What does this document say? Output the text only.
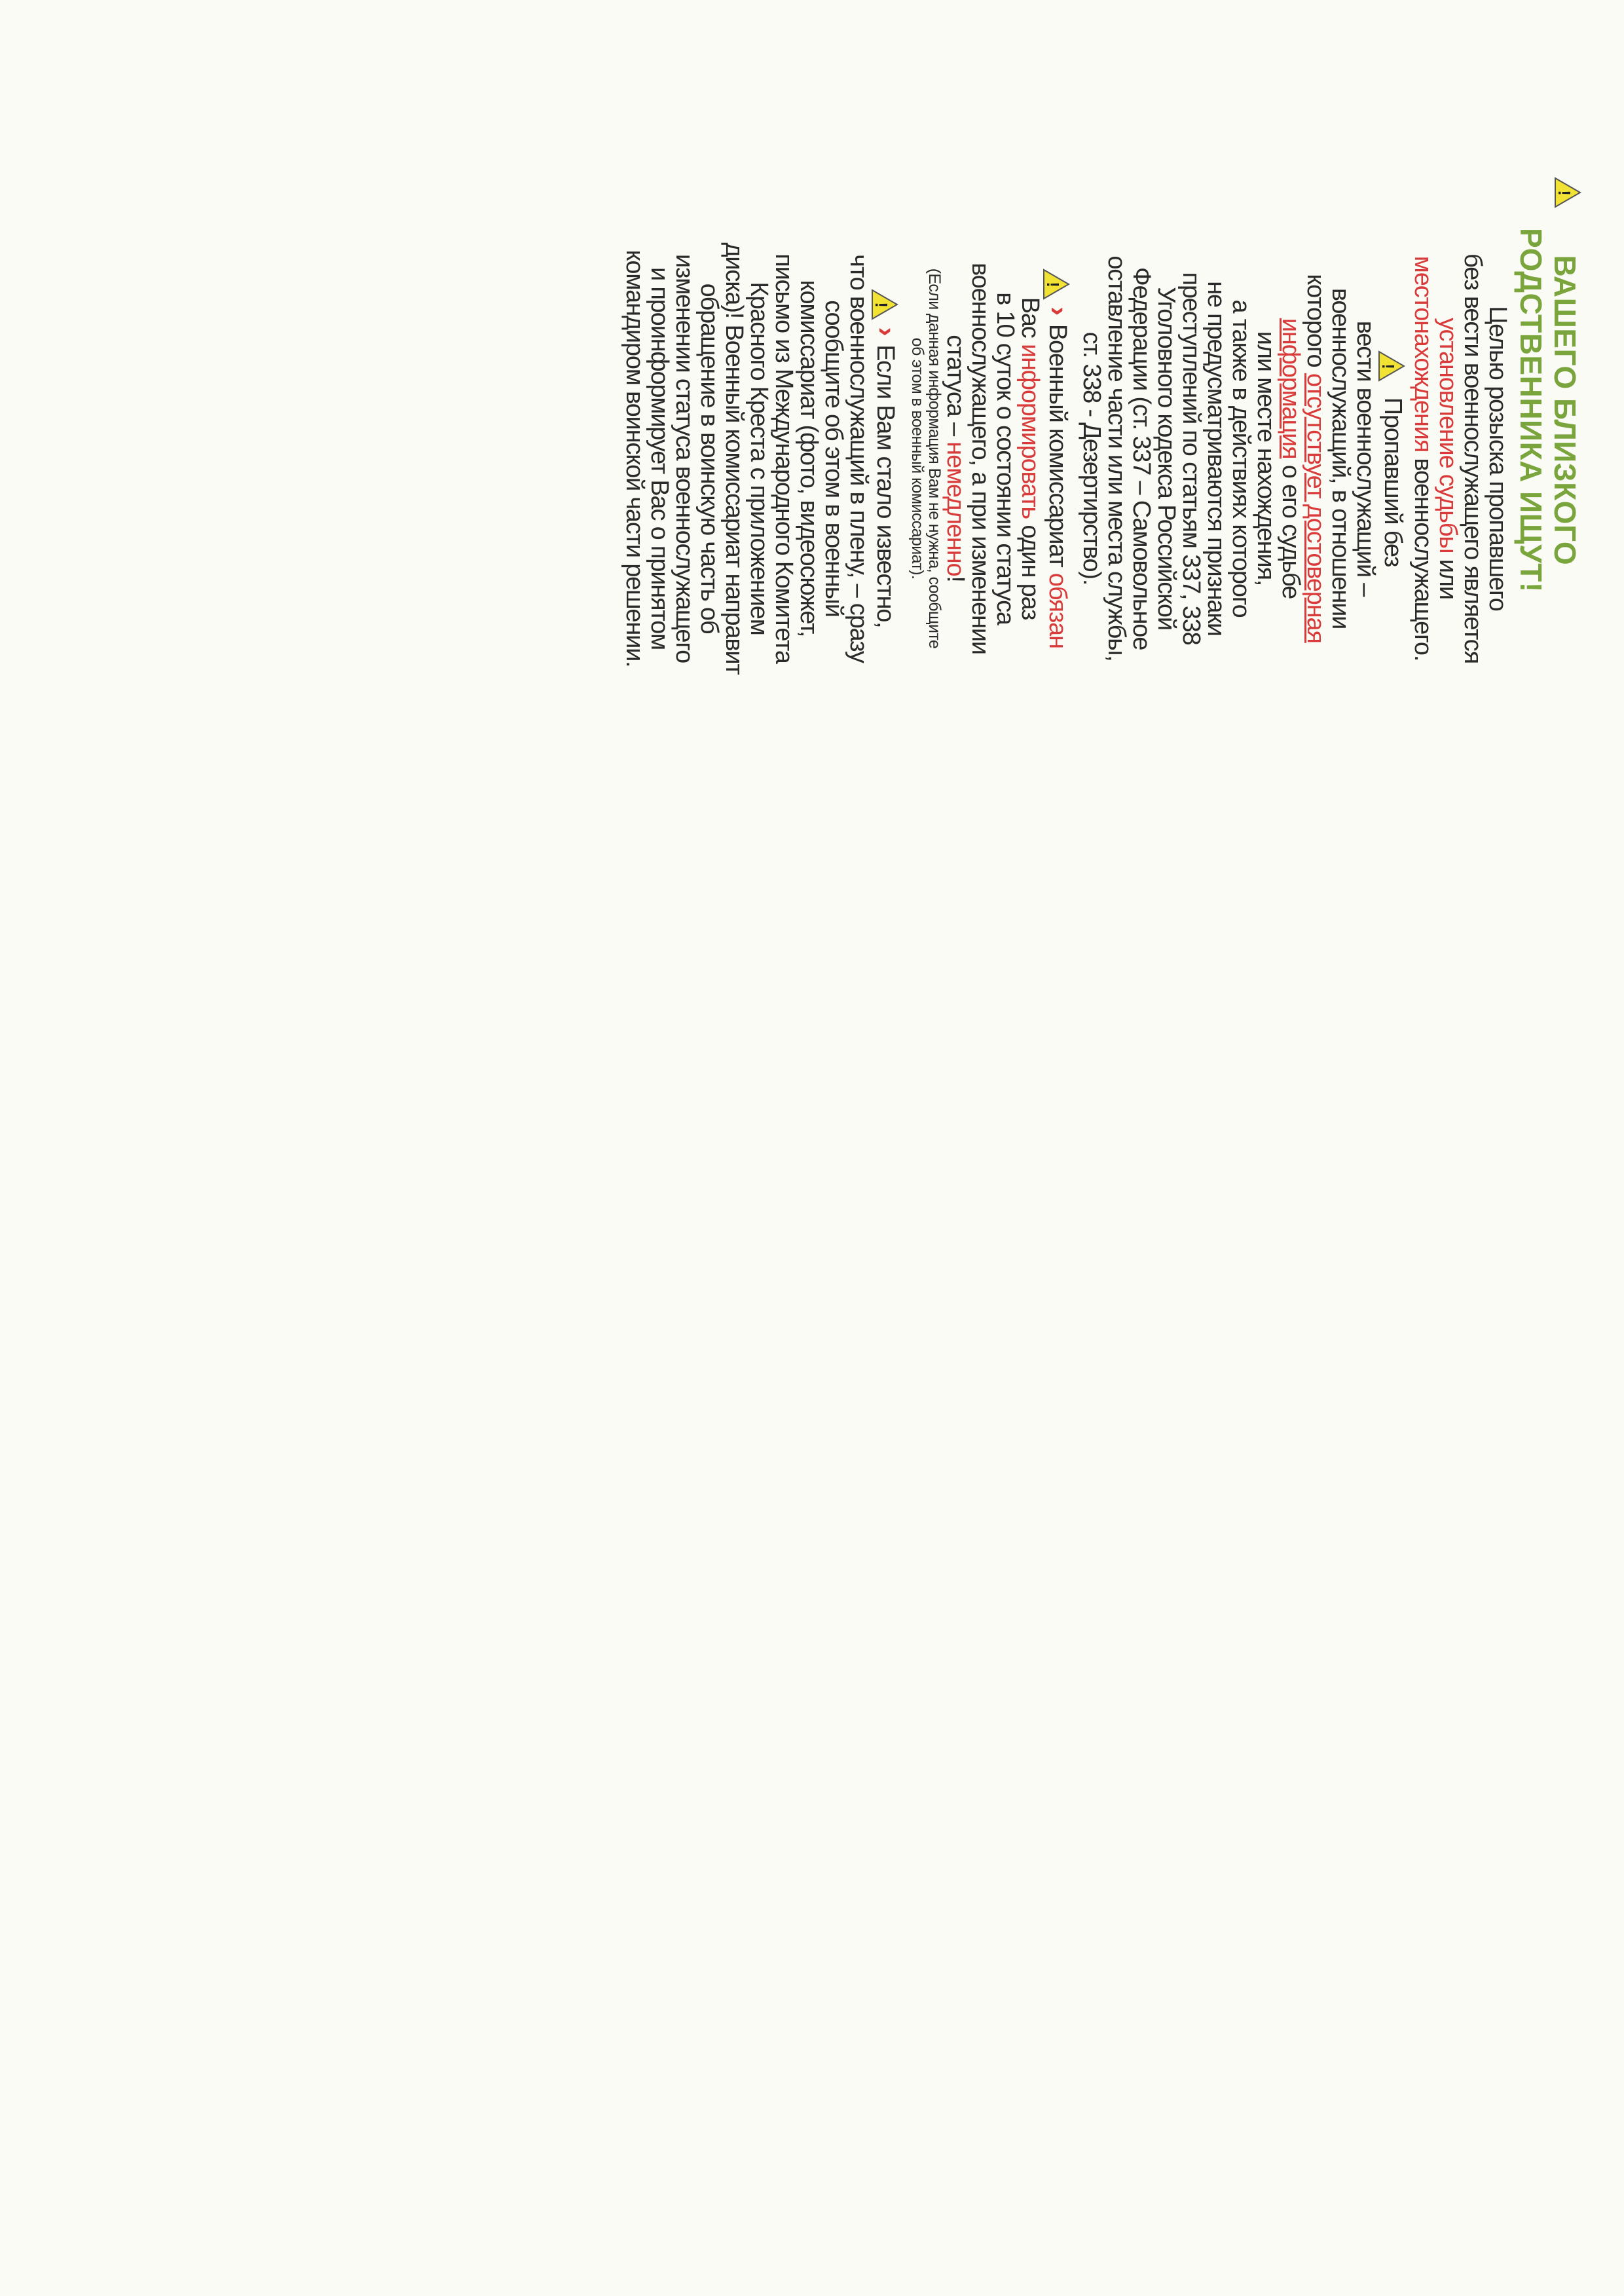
!
ВАШЕГО БЛИЗКОГО
РОДСТВЕННИКА ИЩУТ!

Целью розыска пропавшего

без вести военнослужащего является

установление судьбы или

местонахождения военнослужащего.

!
Пропавший без

вести военнослужащий –

военнослужащий, в отношении

которого отсутствует достоверная

информация о его судьбе

или месте нахождения,

а также в действиях которого

не предусматриваются признаки

преступлений по статьям 337, 338

Уголовного кодекса Российской

Федерации (ст. 337 – Самовольное

оставление части или места службы,

ст. 338 - Дезертирство).

!
›Военный комиссариат обязан

Вас информировать один раз

в 10 суток о состоянии статуса

военнослужащего, а при изменении

статуса – немедленно!

(Если данная информация Вам не нужна, сообщите

об этом в военный комиссариат).

!
›Если Вам стало известно,

что военнослужащий в плену, – сразу

сообщите об этом в военный

комиссариат (фото, видеосюжет,

письмо из Международного Комитета

Красного Креста с приложением

диска)! Военный комиссариат направит

обращение в воинскую часть об

изменении статуса военнослужащего

и проинформирует Вас о принятом

командиром воинской части решении.
